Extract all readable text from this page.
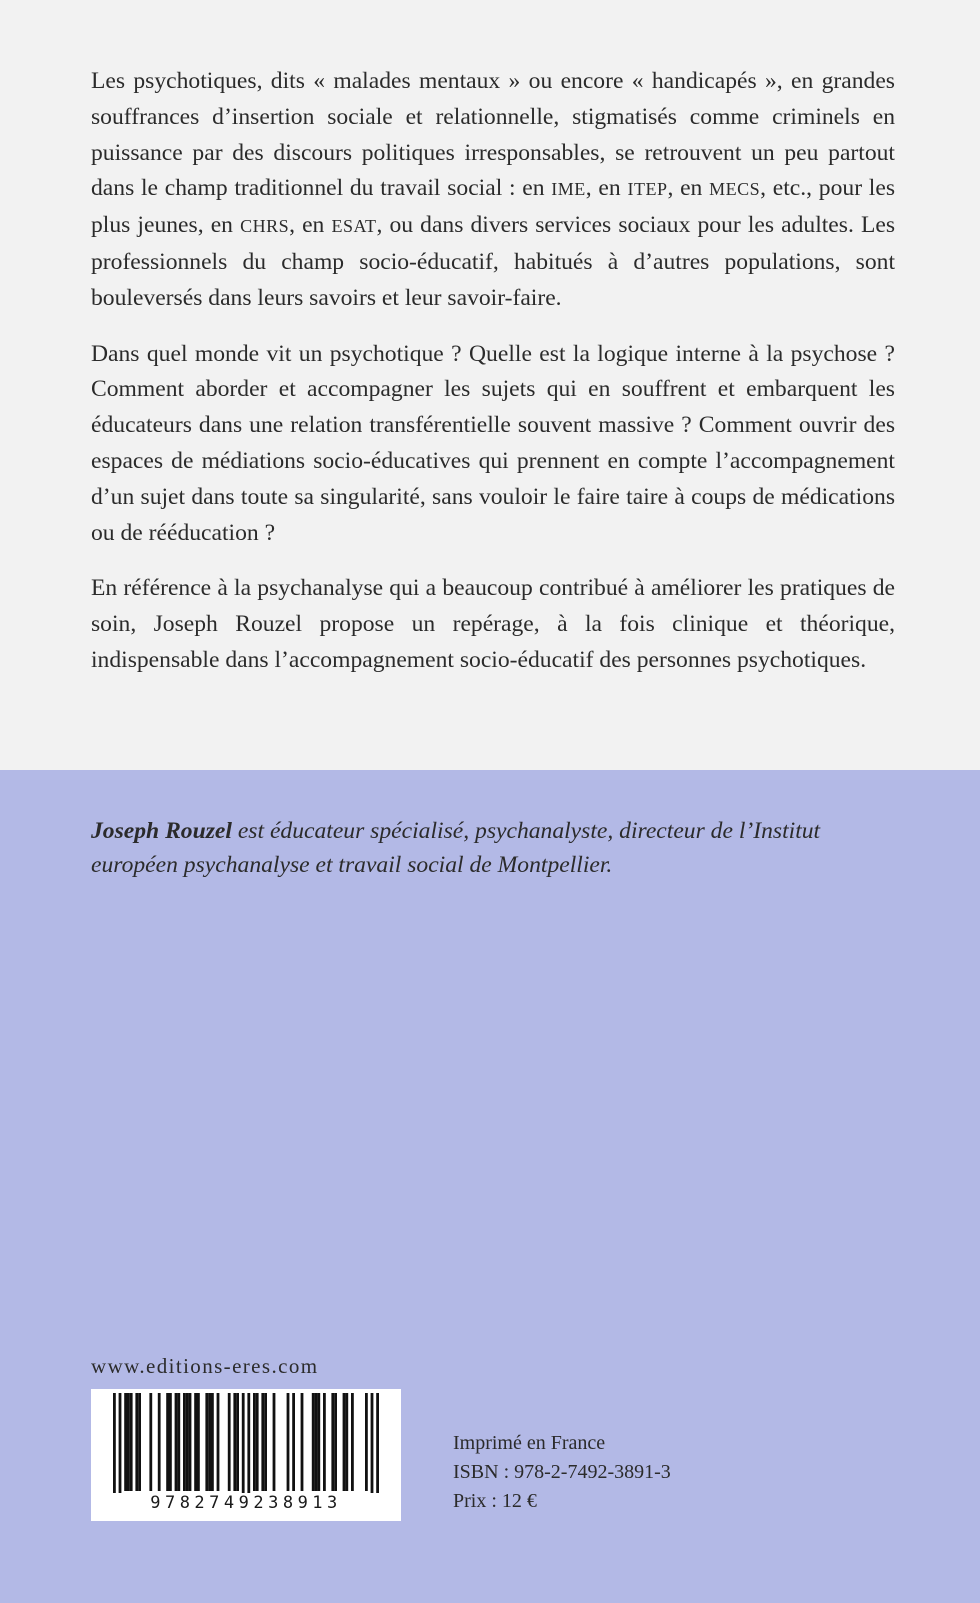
Les psychotiques, dits « malades mentaux » ou encore « handicapés », en grandes souffrances d’insertion sociale et relationnelle, stigmatisés comme criminels en puissance par des discours politiques irresponsables, se retrouvent un peu partout dans le champ traditionnel du travail social : en IME, en ITEP, en MECS, etc., pour les plus jeunes, en CHRS, en ESAT, ou dans divers services sociaux pour les adultes. Les professionnels du champ socio-éducatif, habitués à d’autres populations, sont bouleversés dans leurs savoirs et leur savoir-faire.

Dans quel monde vit un psychotique ? Quelle est la logique interne à la psychose ? Comment aborder et accompagner les sujets qui en souffrent et embarquent les éducateurs dans une relation transférentielle souvent massive ? Comment ouvrir des espaces de médiations socio-éducatives qui prennent en compte l’accompagnement d’un sujet dans toute sa singularité, sans vouloir le faire taire à coups de médications ou de rééducation ?

En référence à la psychanalyse qui a beaucoup contribué à améliorer les pratiques de soin, Joseph Rouzel propose un repérage, à la fois clinique et théorique, indispensable dans l’accompagnement socio-éducatif des personnes psychotiques.

Joseph Rouzel est éducateur spécialisé, psychanalyste, directeur de l’Institut européen psychanalyse et travail social de Montpellier.

www.editions-eres.com
9782749238913
Imprimé en France
ISBN : 978-2-7492-3891-3
Prix : 12 €
